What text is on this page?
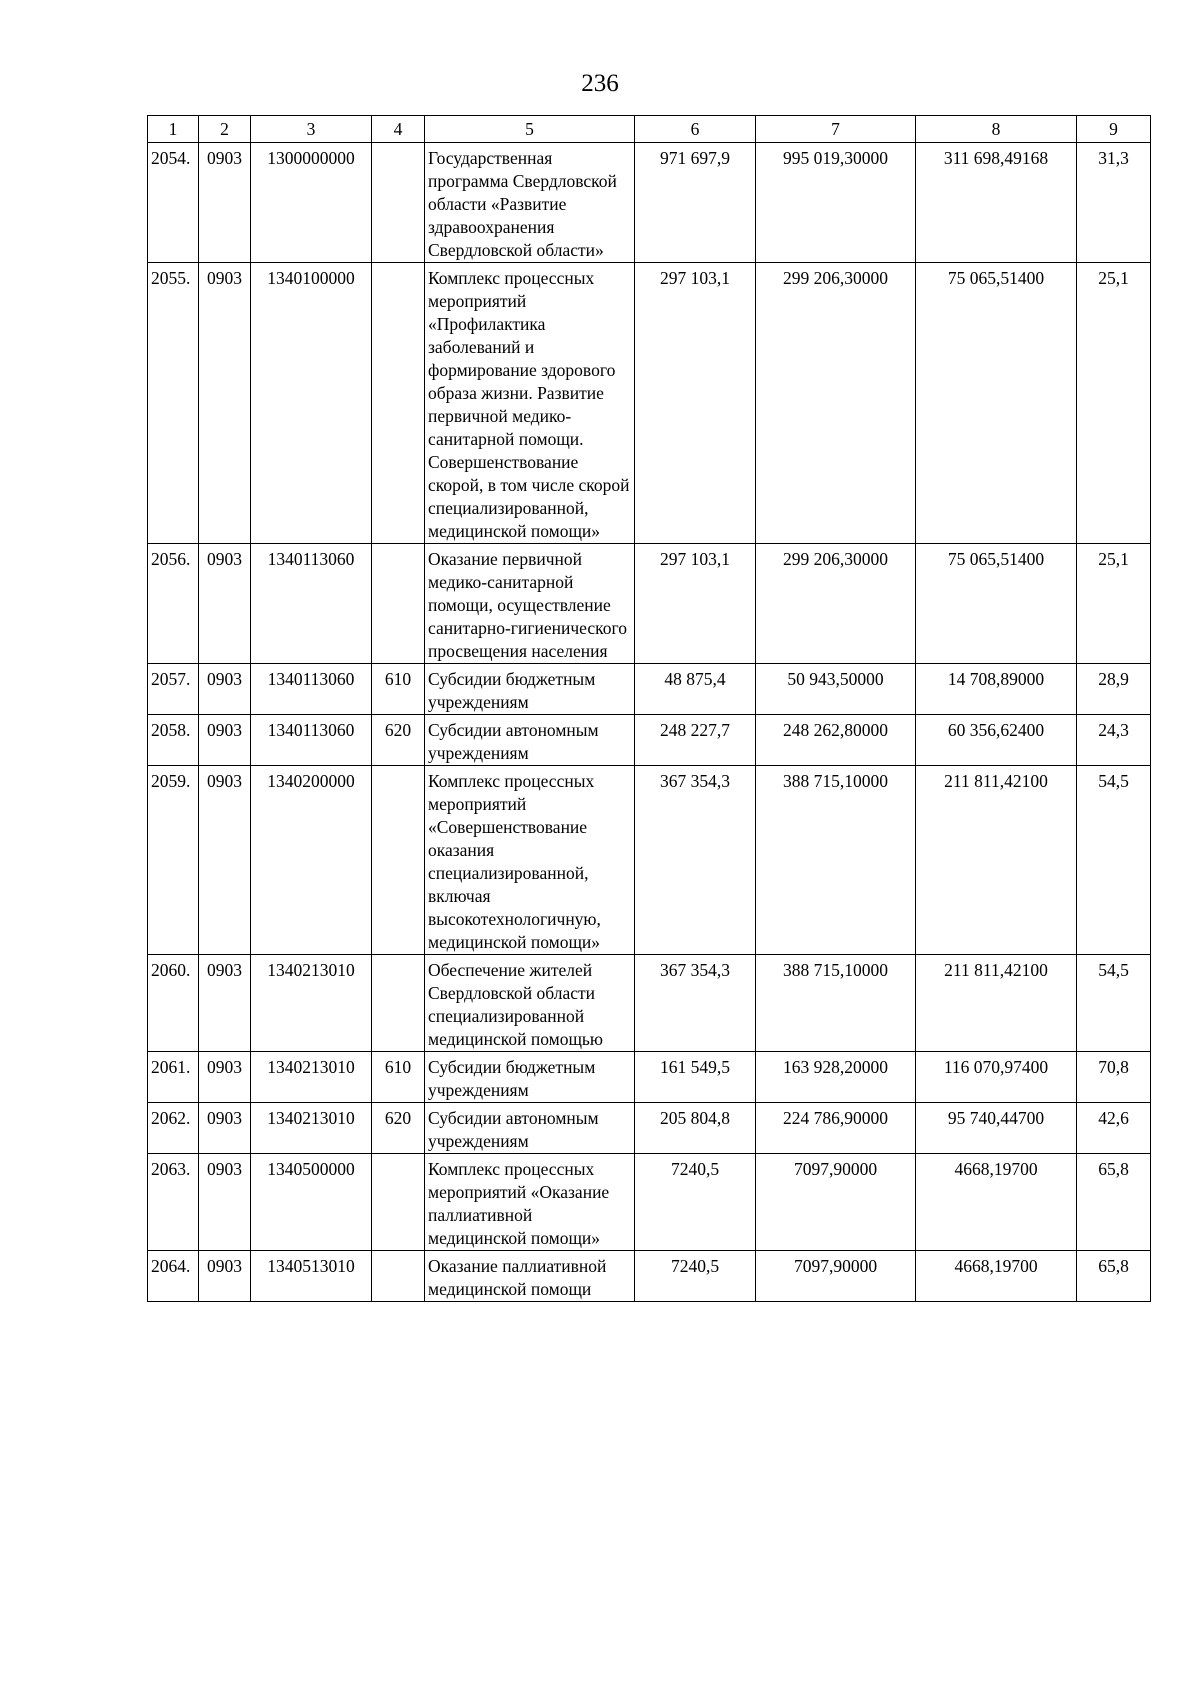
236
1	2	3	4	5	6	7	8	9
2054.	0903	1300000000		Государственная программа Свердловской области «Развитие здравоохранения Свердловской области»	971 697,9	995 019,30000	311 698,49168	31,3
2055.	0903	1340100000		Комплекс процессных мероприятий «Профилактика заболеваний и формирование здорового образа жизни. Развитие первичной медико-санитарной помощи. Совершенствование скорой, в том числе скорой специализированной, медицинской помощи»	297 103,1	299 206,30000	75 065,51400	25,1
2056.	0903	1340113060		Оказание первичной медико-санитарной помощи, осуществление санитарно-гигиенического просвещения населения	297 103,1	299 206,30000	75 065,51400	25,1
2057.	0903	1340113060	610	Субсидии бюджетным учреждениям	48 875,4	50 943,50000	14 708,89000	28,9
2058.	0903	1340113060	620	Субсидии автономным учреждениям	248 227,7	248 262,80000	60 356,62400	24,3
2059.	0903	1340200000		Комплекс процессных мероприятий «Совершенствование оказания специализированной, включая высокотехнологичную, медицинской помощи»	367 354,3	388 715,10000	211 811,42100	54,5
2060.	0903	1340213010		Обеспечение жителей Свердловской области специализированной медицинской помощью	367 354,3	388 715,10000	211 811,42100	54,5
2061.	0903	1340213010	610	Субсидии бюджетным учреждениям	161 549,5	163 928,20000	116 070,97400	70,8
2062.	0903	1340213010	620	Субсидии автономным учреждениям	205 804,8	224 786,90000	95 740,44700	42,6
2063.	0903	1340500000		Комплекс процессных мероприятий «Оказание паллиативной медицинской помощи»	7240,5	7097,90000	4668,19700	65,8
2064.	0903	1340513010		Оказание паллиативной медицинской помощи	7240,5	7097,90000	4668,19700	65,8
